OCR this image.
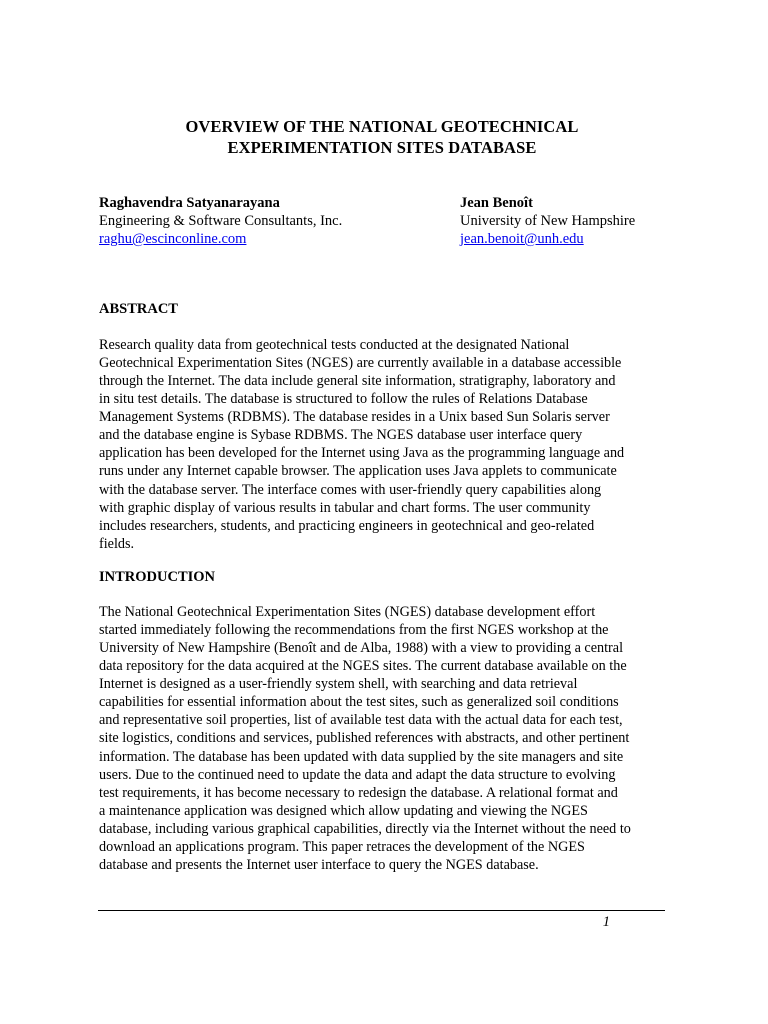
OVERVIEW OF THE NATIONAL GEOTECHNICAL
EXPERIMENTATION SITES DATABASE
Raghavendra Satyanarayana
Engineering & Software Consultants, Inc.
raghu@escinconline.com
Jean Benoît
University of New Hampshire
jean.benoit@unh.edu
ABSTRACT
Research quality data from geotechnical tests conducted at the designated National
Geotechnical Experimentation Sites (NGES) are currently available in a database accessible
through the Internet. The data include general site information, stratigraphy, laboratory and
in situ test details. The database is structured to follow the rules of Relations Database
Management Systems (RDBMS). The database resides in a Unix based Sun Solaris server
and the database engine is Sybase RDBMS. The NGES database user interface query
application has been developed for the Internet using Java as the programming language and
runs under any Internet capable browser. The application uses Java applets to communicate
with the database server. The interface comes with user-friendly query capabilities along
with graphic display of various results in tabular and chart forms. The user community
includes researchers, students, and practicing engineers in geotechnical and geo-related
fields.
INTRODUCTION
The National Geotechnical Experimentation Sites (NGES) database development effort
started immediately following the recommendations from the first NGES workshop at the
University of New Hampshire (Benoît and de Alba, 1988) with a view to providing a central
data repository for the data acquired at the NGES sites. The current database available on the
Internet is designed as a user-friendly system shell, with searching and data retrieval
capabilities for essential information about the test sites, such as generalized soil conditions
and representative soil properties, list of available test data with the actual data for each test,
site logistics, conditions and services, published references with abstracts, and other pertinent
information. The database has been updated with data supplied by the site managers and site
users. Due to the continued need to update the data and adapt the data structure to evolving
test requirements, it has become necessary to redesign the database. A relational format and
a maintenance application was designed which allow updating and viewing the NGES
database, including various graphical capabilities, directly via the Internet without the need to
download an applications program. This paper retraces the development of the NGES
database and presents the Internet user interface to query the NGES database.
1
